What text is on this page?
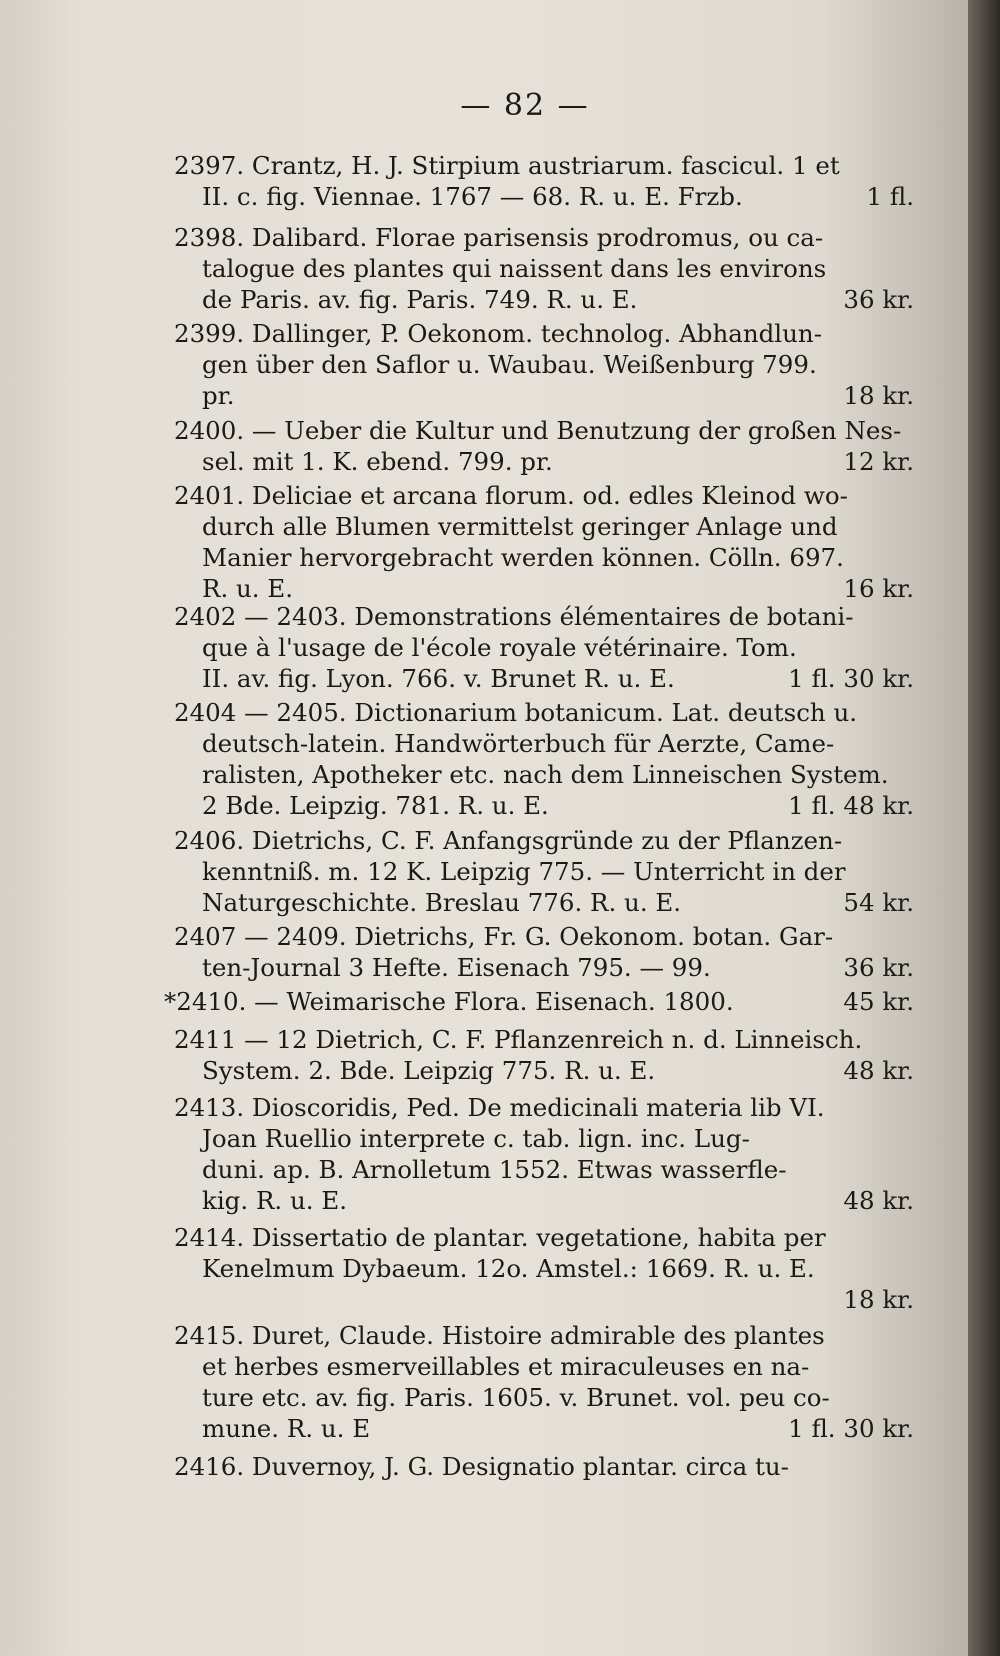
— 82 —
2397. Crantz, H. J. Stirpium austriarum. fascicul. 1 et
II. c. fig. Viennae. 1767 — 68. R. u. E. Frzb.	1 fl.
2398. Dalibard. Florae parisensis prodromus, ou ca-
talogue des plantes qui naissent dans les environs
de Paris. av. fig. Paris. 749. R. u. E.	36 kr.
2399. Dallinger, P. Oekonom. technolog. Abhandlun-
gen über den Saflor u. Waubau. Weißenburg 799.
pr.	18 kr.
2400. — Ueber die Kultur und Benutzung der großen Nes-
sel. mit 1. K. ebend. 799. pr.	12 kr.
2401. Deliciae et arcana florum. od. edles Kleinod wo-
durch alle Blumen vermittelst geringer Anlage und
Manier hervorgebracht werden können. Cölln. 697.
R. u. E.	16 kr.
2402 — 2403. Demonstrations élémentaires de botani-
que à l'usage de l'école royale vétérinaire. Tom.
II. av. fig. Lyon. 766. v. Brunet R. u. E.	1 fl. 30 kr.
2404 — 2405. Dictionarium botanicum. Lat. deutsch u.
deutsch-latein. Handwörterbuch für Aerzte, Came-
ralisten, Apotheker etc. nach dem Linneischen System.
2 Bde. Leipzig. 781. R. u. E.	1 fl. 48 kr.
2406. Dietrichs, C. F. Anfangsgründe zu der Pflanzen-
kenntniß. m. 12 K. Leipzig 775. — Unterricht in der
Naturgeschichte. Breslau 776. R. u. E.	54 kr.
2407 — 2409. Dietrichs, Fr. G. Oekonom. botan. Gar-
ten-Journal 3 Hefte. Eisenach 795. — 99.	36 kr.
*2410. — Weimarische Flora. Eisenach. 1800.	45 kr.
2411 — 12 Dietrich, C. F. Pflanzenreich n. d. Linneisch.
System. 2. Bde. Leipzig 775. R. u. E.	48 kr.
2413. Dioscoridis, Ped. De medicinali materia lib VI.
Joan Ruellio interprete c. tab. lign. inc. Lug-
duni. ap. B. Arnolletum 1552. Etwas wasserfle-
kig. R. u. E.	48 kr.
2414. Dissertatio de plantar. vegetatione, habita per
Kenelmum Dybaeum. 12o. Amstel.: 1669. R. u. E.
18 kr.

2415. Duret, Claude. Histoire admirable des plantes
et herbes esmerveillables et miraculeuses en na-
ture etc. av. fig. Paris. 1605. v. Brunet. vol. peu co-
mune. R. u. E	1 fl. 30 kr.
2416. Duvernoy, J. G. Designatio plantar. circa tu-
